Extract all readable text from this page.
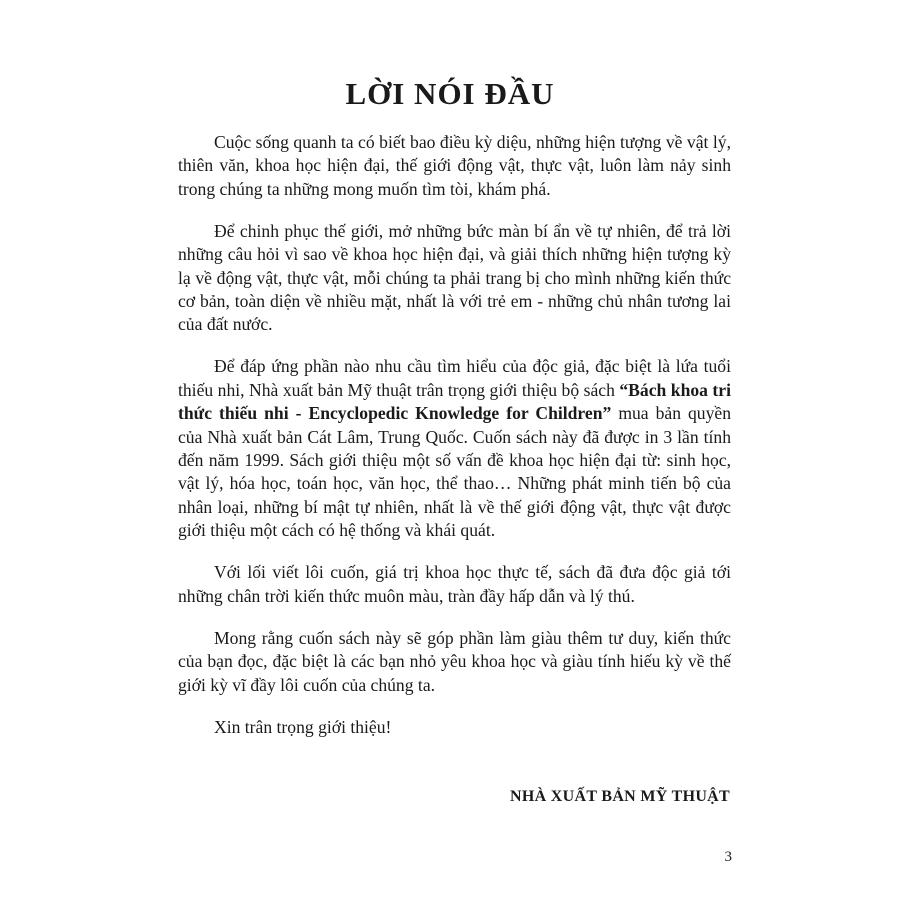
LỜI NÓI ĐẦU

Cuộc sống quanh ta có biết bao điều kỳ diệu, những hiện tượng về vật lý, thiên văn, khoa học hiện đại, thế giới động vật, thực vật, luôn làm nảy sinh trong chúng ta những mong muốn tìm tòi, khám phá.

Để chinh phục thế giới, mở những bức màn bí ẩn về tự nhiên, để trả lời những câu hỏi vì sao về khoa học hiện đại, và giải thích những hiện tượng kỳ lạ về động vật, thực vật, mỗi chúng ta phải trang bị cho mình những kiến thức cơ bản, toàn diện về nhiều mặt, nhất là với trẻ em - những chủ nhân tương lai của đất nước.

Để đáp ứng phần nào nhu cầu tìm hiểu của độc giả, đặc biệt là lứa tuổi thiếu nhi, Nhà xuất bản Mỹ thuật trân trọng giới thiệu bộ sách “Bách khoa tri thức thiếu nhi - Encyclopedic Knowledge for Children” mua bản quyền của Nhà xuất bản Cát Lâm, Trung Quốc. Cuốn sách này đã được in 3 lần tính đến năm 1999. Sách giới thiệu một số vấn đề khoa học hiện đại từ: sinh học, vật lý, hóa học, toán học, văn học, thể thao… Những phát minh tiến bộ của nhân loại, những bí mật tự nhiên, nhất là về thế giới động vật, thực vật được giới thiệu một cách có hệ thống và khái quát.

Với lối viết lôi cuốn, giá trị khoa học thực tế, sách đã đưa độc giả tới những chân trời kiến thức muôn màu, tràn đầy hấp dẫn và lý thú.

Mong rằng cuốn sách này sẽ góp phần làm giàu thêm tư duy, kiến thức của bạn đọc, đặc biệt là các bạn nhỏ yêu khoa học và giàu tính hiếu kỳ về thế giới kỳ vĩ đầy lôi cuốn của chúng ta.

Xin trân trọng giới thiệu!

NHÀ XUẤT BẢN MỸ THUẬT

3
